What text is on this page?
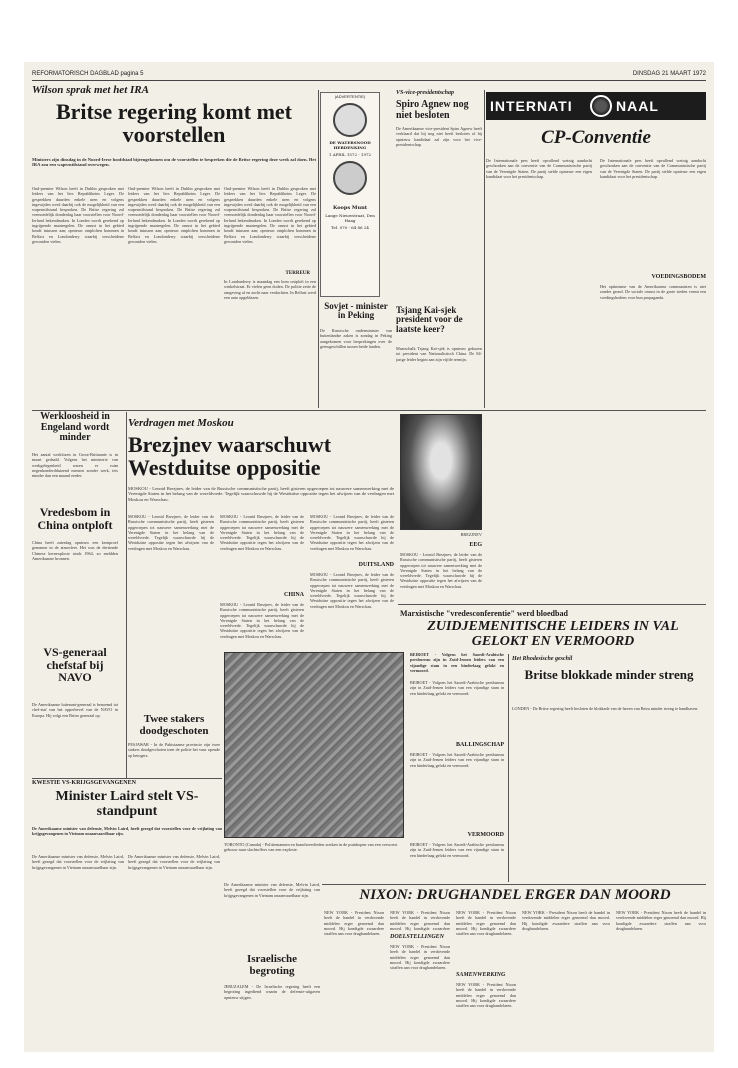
REFORMATORISCH DAGBLAD pagina 5	DINSDAG 21 MAART 1972
Wilson sprak met het IRA
Britse regering komt met voorstellen
Ministers zijn dinsdag in de Noord-Ierse hoofdstad bijeengekomen om de voorstellen te bespreken die de Britse regering deze week zal doen. Het IRA zou een wapenstilstand overwegen.
Oud-premier Wilson heeft in Dublin gesproken met leiders van het Iers Republikeins Leger. De gesprekken duurden enkele uren en volgens ingewijden werd daarbij ook de mogelijkheid van een wapenstilstand besproken. De Britse regering zal vermoedelijk donderdag haar voorstellen voor Noord-Ierland bekendmaken. In Londen wordt gerekend op ingrijpende maatregelen. De onrust in het gebied houdt intussen aan; opnieuw ontploften bommen in Belfast en Londonderry waarbij verscheidene gewonden vielen.
Oud-premier Wilson heeft in Dublin gesproken met leiders van het Iers Republikeins Leger. De gesprekken duurden enkele uren en volgens ingewijden werd daarbij ook de mogelijkheid van een wapenstilstand besproken. De Britse regering zal vermoedelijk donderdag haar voorstellen voor Noord-Ierland bekendmaken. In Londen wordt gerekend op ingrijpende maatregelen. De onrust in het gebied houdt intussen aan; opnieuw ontploften bommen in Belfast en Londonderry waarbij verscheidene gewonden vielen.
TERREUR
Oud-premier Wilson heeft in Dublin gesproken met leiders van het Iers Republikeins Leger. De gesprekken duurden enkele uren en volgens ingewijden werd daarbij ook de mogelijkheid van een wapenstilstand besproken. De Britse regering zal vermoedelijk donderdag haar voorstellen voor Noord-Ierland bekendmaken. In Londen wordt gerekend op ingrijpende maatregelen. De onrust in het gebied houdt intussen aan; opnieuw ontploften bommen in Belfast en Londonderry waarbij verscheidene gewonden vielen.
In Londonderry is maandag een bom ontploft in een winkelstraat. Er vielen geen doden. De politie zette de omgeving af en zocht naar verdachten. In Belfast werd een auto opgeblazen.
Werkloosheid in Engeland wordt minder
Het aantal werklozen in Groot-Brittannie is in maart gedaald. Volgens het ministerie van werkgelegenheid waren er ruim negenhonderdduizend mensen zonder werk, iets minder dan een maand eerder.
Vredesbom in China ontploft
China heeft zaterdag opnieuw een kernproef genomen in de atmosfeer. Het was de dertiende Chinese kernexplosie sinds 1964, zo meldden Amerikaanse bronnen.
VS-generaal chefstaf bij NAVO
De Amerikaanse luitenant-generaal is benoemd tot chef-staf van het opperbevel van de NAVO in Europa. Hij volgt een Britse generaal op.
(ADVERTENTIE)
DE WATERSNOOD HERDENKING
1 APRIL 1572 - 1972
Koops Munt
Lange Nieuwstraat, Den Haag
Tel. 070 - 64 86 24
Sovjet - minister in Peking
De Russische onderminister van buitenlandse zaken is zondag in Peking aangekomen voor besprekingen over de grensgeschillen tussen beide landen.
VS-vice-presidentschap
Spiro Agnew nog niet besloten
De Amerikaanse vice-president Spiro Agnew heeft verklaard dat hij nog niet heeft besloten of hij opnieuw kandidaat zal zijn voor het vice-presidentschap.
Tsjang Kai-sjek president voor de laatste keer?
Maarschalk Tsjang Kai-sjek is opnieuw gekozen tot president van Nationalistisch China. De 84-jarige leider begint aan zijn vijfde termijn.
INTERNATI	NAAL
CP-Conventie
De Internationale pers heeft opvallend weinig aandacht geschonken aan de conventie van de Communistische partij van de Verenigde Staten. De partij stelde opnieuw een eigen kandidaat voor het presidentschap.
De Internationale pers heeft opvallend weinig aandacht geschonken aan de conventie van de Communistische partij van de Verenigde Staten. De partij stelde opnieuw een eigen kandidaat voor het presidentschap.
VOEDINGSBODEM
Het optimisme van de Amerikaanse communisten is niet zonder grond. De sociale onrust in de grote steden vormt een voedingsbodem voor hun propaganda.
Verdragen met Moskou
Brezjnev waarschuwt Westduitse oppositie
MOSKOU - Leonid Brezjnev, de leider van de Russische communistische partij, heeft gisteren opgeroepen tot nauwere samenwerking met de Verenigde Staten in het belang van de wereldvrede. Tegelijk waarschuwde hij de Westduitse oppositie tegen het afwijzen van de verdragen met Moskou en Warschau.
BREZJNEV
MOSKOU - Leonid Brezjnev, de leider van de Russische communistische partij, heeft gisteren opgeroepen tot nauwere samenwerking met de Verenigde Staten in het belang van de wereldvrede. Tegelijk waarschuwde hij de Westduitse oppositie tegen het afwijzen van de verdragen met Moskou en Warschau.
CHINA
MOSKOU - Leonid Brezjnev, de leider van de Russische communistische partij, heeft gisteren opgeroepen tot nauwere samenwerking met de Verenigde Staten in het belang van de wereldvrede. Tegelijk waarschuwde hij de Westduitse oppositie tegen het afwijzen van de verdragen met Moskou en Warschau.
MOSKOU - Leonid Brezjnev, de leider van de Russische communistische partij, heeft gisteren opgeroepen tot nauwere samenwerking met de Verenigde Staten in het belang van de wereldvrede. Tegelijk waarschuwde hij de Westduitse oppositie tegen het afwijzen van de verdragen met Moskou en Warschau.
DUITSLAND
MOSKOU - Leonid Brezjnev, de leider van de Russische communistische partij, heeft gisteren opgeroepen tot nauwere samenwerking met de Verenigde Staten in het belang van de wereldvrede. Tegelijk waarschuwde hij de Westduitse oppositie tegen het afwijzen van de verdragen met Moskou en Warschau.
MOSKOU - Leonid Brezjnev, de leider van de Russische communistische partij, heeft gisteren opgeroepen tot nauwere samenwerking met de Verenigde Staten in het belang van de wereldvrede. Tegelijk waarschuwde hij de Westduitse oppositie tegen het afwijzen van de verdragen met Moskou en Warschau.
EEG
MOSKOU - Leonid Brezjnev, de leider van de Russische communistische partij, heeft gisteren opgeroepen tot nauwere samenwerking met de Verenigde Staten in het belang van de wereldvrede. Tegelijk waarschuwde hij de Westduitse oppositie tegen het afwijzen van de verdragen met Moskou en Warschau.
Twee stakers doodgeschoten
PESJAWAR - In de Pakistaanse provincie zijn twee stakers doodgeschoten toen de politie het vuur opende op betogers.
Marxistische "vredesconferentie" werd bloedbad
ZUIDJEMENITISCHE LEIDERS IN VAL GELOKT EN VERMOORD
BEIROET - Volgens het Saoedi-Arabische persbureau zijn in Zuid-Jemen leiders van een vijandige stam in een hinderlaag gelokt en vermoord.
BEIROET - Volgens het Saoedi-Arabische persbureau zijn in Zuid-Jemen leiders van een vijandige stam in een hinderlaag gelokt en vermoord.
BALLINGSCHAP
BEIROET - Volgens het Saoedi-Arabische persbureau zijn in Zuid-Jemen leiders van een vijandige stam in een hinderlaag gelokt en vermoord.
VERMOORD
BEIROET - Volgens het Saoedi-Arabische persbureau zijn in Zuid-Jemen leiders van een vijandige stam in een hinderlaag gelokt en vermoord.
Het Rhodesische geschil
Britse blokkade minder streng
LONDEN - De Britse regering heeft besloten de blokkade van de haven van Beira minder streng te handhaven.
TORONTO (Canada) - Politiemannen en brandweerlieden zoeken in de puinhopen van een verwoest gebouw naar slachtoffers van een explosie.
KWESTIE VS-KRIJGSGEVANGENEN
Minister Laird stelt VS-standpunt
De Amerikaanse minister van defensie, Melvin Laird, heeft gezegd dat voorstellen voor de vrijlating van krijgsgevangenen in Vietnam onaanvaardbaar zijn.
De Amerikaanse minister van defensie, Melvin Laird, heeft gezegd dat voorstellen voor de vrijlating van krijgsgevangenen in Vietnam onaanvaardbaar zijn.
De Amerikaanse minister van defensie, Melvin Laird, heeft gezegd dat voorstellen voor de vrijlating van krijgsgevangenen in Vietnam onaanvaardbaar zijn.
De Amerikaanse minister van defensie, Melvin Laird, heeft gezegd dat voorstellen voor de vrijlating van krijgsgevangenen in Vietnam onaanvaardbaar zijn.
Israelische begroting
JERUZALEM - De Israelische regering heeft een begroting ingediend waarin de defensie-uitgaven opnieuw stijgen.
NIXON: DRUGHANDEL ERGER DAN MOORD
NEW YORK - President Nixon heeft de handel in verdovende middelen erger genoemd dan moord. Hij kondigde zwaardere straffen aan voor drughandelaren.
DOELSTELLINGEN
NEW YORK - President Nixon heeft de handel in verdovende middelen erger genoemd dan moord. Hij kondigde zwaardere
NEW YORK - President Nixon heeft de handel in verdovende middelen erger genoemd dan moord. Hij kondigde zwaardere straffen aan voor drughandelaren.
SAMENWERKING
NEW YORK - President Nixon heeft de handel in verdovende middelen erger genoemd dan moord. Hij kondigde zwaardere straffen aan voor drughandelaren.
NEW YORK - President Nixon heeft de handel in verdovende middelen erger genoemd dan moord. Hij kondigde zwaardere straffen aan voor drughandelaren.
NEW YORK - President Nixon heeft de handel in verdovende middelen erger genoemd dan moord. Hij kondigde zwaardere straffen aan voor drughandelaren.
NEW YORK - President Nixon heeft de handel in verdovende middelen erger genoemd dan moord. Hij kondigde zwaardere straffen aan voor drughandelaren.
